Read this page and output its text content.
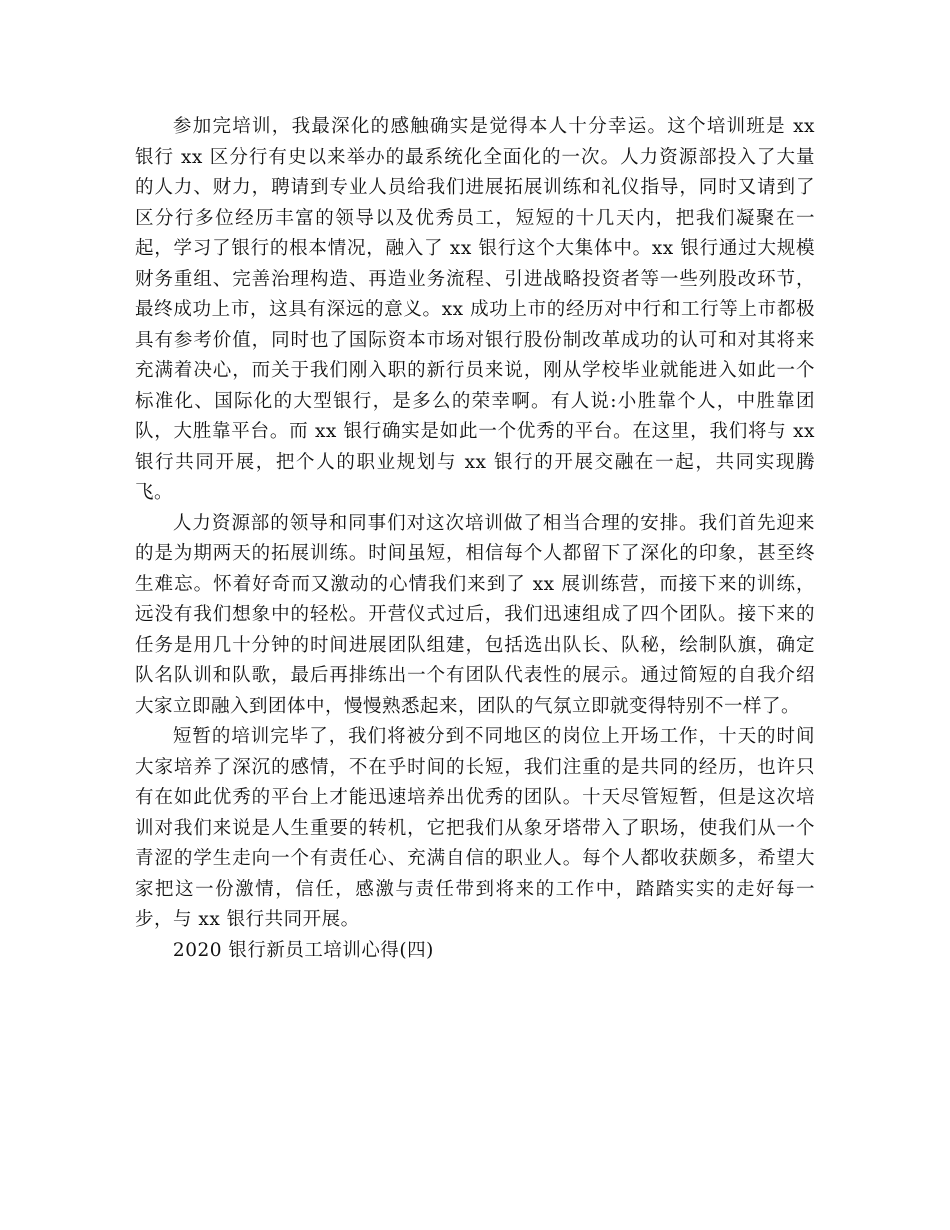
参加完培训，我最深化的感触确实是觉得本人十分幸运。这个培训班是 xx 银行 xx 区分行有史以来举办的最系统化全面化的一次。人力资源部投入了大量的人力、财力，聘请到专业人员给我们进展拓展训练和礼仪指导，同时又请到了区分行多位经历丰富的领导以及优秀员工，短短的十几天内，把我们凝聚在一起，学习了银行的根本情况，融入了 xx 银行这个大集体中。xx 银行通过大规模财务重组、完善治理构造、再造业务流程、引进战略投资者等一些列股改环节，最终成功上市，这具有深远的意义。xx 成功上市的经历对中行和工行等上市都极具有参考价值，同时也了国际资本市场对银行股份制改革成功的认可和对其将来充满着决心，而关于我们刚入职的新行员来说，刚从学校毕业就能进入如此一个标准化、国际化的大型银行，是多么的荣幸啊。有人说:小胜靠个人，中胜靠团队，大胜靠平台。而 xx 银行确实是如此一个优秀的平台。在这里，我们将与 xx 银行共同开展，把个人的职业规划与 xx 银行的开展交融在一起，共同实现腾飞。

人力资源部的领导和同事们对这次培训做了相当合理的安排。我们首先迎来的是为期两天的拓展训练。时间虽短，相信每个人都留下了深化的印象，甚至终生难忘。怀着好奇而又激动的心情我们来到了 xx 展训练营，而接下来的训练，远没有我们想象中的轻松。开营仪式过后，我们迅速组成了四个团队。接下来的任务是用几十分钟的时间进展团队组建，包括选出队长、队秘，绘制队旗，确定队名队训和队歌，最后再排练出一个有团队代表性的展示。通过简短的自我介绍大家立即融入到团体中，慢慢熟悉起来，团队的气氛立即就变得特别不一样了。

短暂的培训完毕了，我们将被分到不同地区的岗位上开场工作，十天的时间大家培养了深沉的感情，不在乎时间的长短，我们注重的是共同的经历，也许只有在如此优秀的平台上才能迅速培养出优秀的团队。十天尽管短暂，但是这次培训对我们来说是人生重要的转机，它把我们从象牙塔带入了职场，使我们从一个青涩的学生走向一个有责任心、充满自信的职业人。每个人都收获颇多，希望大家把这一份激情，信任，感激与责任带到将来的工作中，踏踏实实的走好每一步，与 xx 银行共同开展。

2020 银行新员工培训心得(四)
